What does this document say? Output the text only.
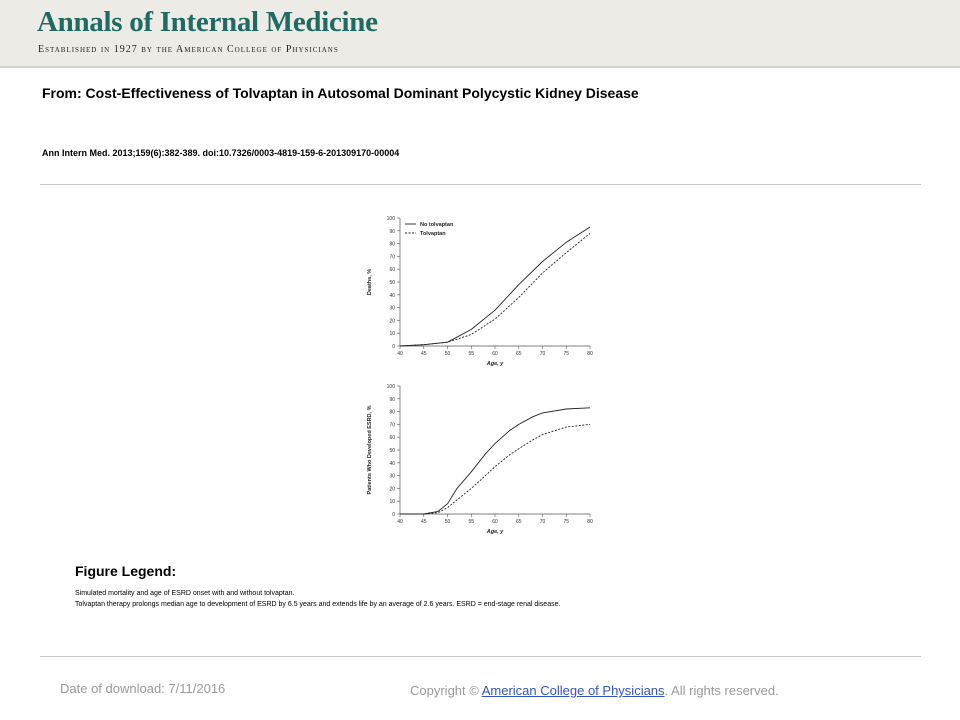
Annals of Internal Medicine
Established in 1927 by the American College of Physicians
From: Cost-Effectiveness of Tolvaptan in Autosomal Dominant Polycystic Kidney Disease
Ann Intern Med. 2013;159(6):382-389. doi:10.7326/0003-4819-159-6-201309170-00004
0
10
20
30
40
50
60
70
80
90
100
40	45	50	55	60	65	70	75	80
Age, y
Deaths, %
No tolvaptan
Tolvaptan
0
10
20
30
40
50
60
70
80
90
100
40	45	50	55	60	65	70	75	80
Age, y
Patients Who Developed ESRD, %
Figure Legend:
Simulated mortality and age of ESRD onset with and without tolvaptan.
Tolvaptan therapy prolongs median age to development of ESRD by 6.5 years and extends life by an average of 2.6 years. ESRD = end-stage renal disease.
Date of download: 7/11/2016	Copyright © American College of Physicians. All rights reserved.
